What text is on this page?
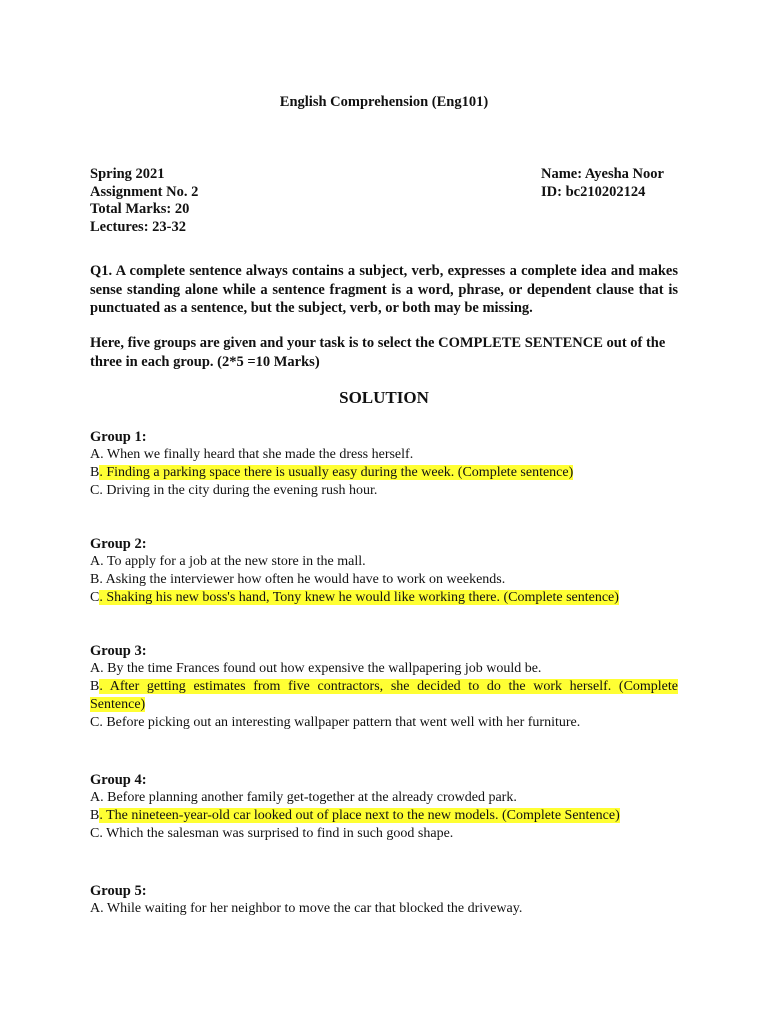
English Comprehension (Eng101)
Spring 2021
Assignment No. 2
Total Marks: 20
Lectures: 23-32
Name: Ayesha Noor
ID: bc210202124
Q1. A complete sentence always contains a subject, verb, expresses a complete idea and makes sense standing alone while a sentence fragment is a word, phrase, or dependent clause that is punctuated as a sentence, but the subject, verb, or both may be missing.
Here, five groups are given and your task is to select the COMPLETE SENTENCE out of the three in each group. (2*5 =10 Marks)
SOLUTION
Group 1:
A. When we finally heard that she made the dress herself.
B. Finding a parking space there is usually easy during the week. (Complete sentence)
C. Driving in the city during the evening rush hour.
Group 2:
A. To apply for a job at the new store in the mall.
B. Asking the interviewer how often he would have to work on weekends.
C. Shaking his new boss's hand, Tony knew he would like working there. (Complete sentence)
Group 3:
A. By the time Frances found out how expensive the wallpapering job would be.
B. After getting estimates from five contractors, she decided to do the work herself. (Complete Sentence)
C. Before picking out an interesting wallpaper pattern that went well with her furniture.
Group 4:
A. Before planning another family get-together at the already crowded park.
B. The nineteen-year-old car looked out of place next to the new models. (Complete Sentence)
C. Which the salesman was surprised to find in such good shape.
Group 5:
A. While waiting for her neighbor to move the car that blocked the driveway.
